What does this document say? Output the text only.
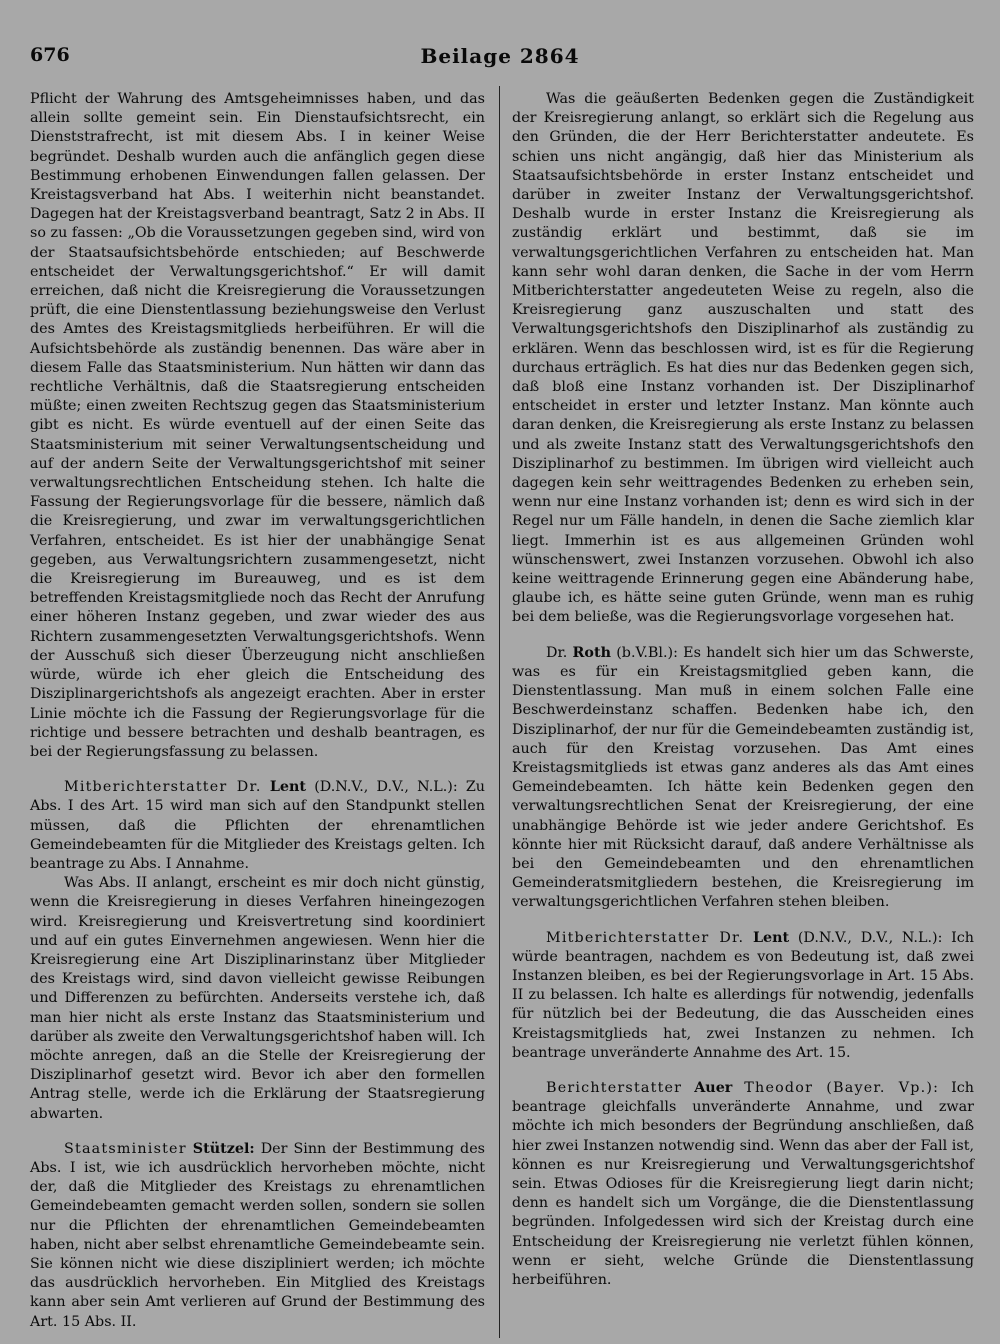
676	Beilage 2864

Pflicht der Wahrung des Amtsgeheimnisses haben, und das allein sollte gemeint sein. Ein Dienstaufsichtsrecht, ein Dienststrafrecht, ist mit diesem Abs. I in keiner Weise begründet. Deshalb wurden auch die anfänglich gegen diese Bestimmung erhobenen Einwendungen fallen gelassen. Der Kreistagsverband hat Abs. I weiterhin nicht beanstandet. Dagegen hat der Kreistagsverband beantragt, Satz 2 in Abs. II so zu fassen: „Ob die Voraussetzungen gegeben sind, wird von der Staatsaufsichtsbehörde entschieden; auf Beschwerde entscheidet der Verwaltungsgerichtshof.“ Er will damit erreichen, daß nicht die Kreisregierung die Voraussetzungen prüft, die eine Dienstentlassung beziehungsweise den Verlust des Amtes des Kreistagsmitglieds herbeiführen. Er will die Aufsichtsbehörde als zuständig benennen. Das wäre aber in diesem Falle das Staatsministerium. Nun hätten wir dann das rechtliche Verhältnis, daß die Staatsregierung entscheiden müßte; einen zweiten Rechtszug gegen das Staatsministerium gibt es nicht. Es würde eventuell auf der einen Seite das Staatsministerium mit seiner Verwaltungsentscheidung und auf der andern Seite der Verwaltungsgerichtshof mit seiner verwaltungsrechtlichen Entscheidung stehen. Ich halte die Fassung der Regierungsvorlage für die bessere, nämlich daß die Kreisregierung, und zwar im verwaltungsgerichtlichen Verfahren, entscheidet. Es ist hier der unabhängige Senat gegeben, aus Verwaltungsrichtern zusammengesetzt, nicht die Kreisregierung im Bureauweg, und es ist dem betreffenden Kreistagsmitgliede noch das Recht der Anrufung einer höheren Instanz gegeben, und zwar wieder des aus Richtern zusammengesetzten Verwaltungsgerichtshofs. Wenn der Ausschuß sich dieser Überzeugung nicht anschließen würde, würde ich eher gleich die Entscheidung des Disziplinargerichtshofs als angezeigt erachten. Aber in erster Linie möchte ich die Fassung der Regierungsvorlage für die richtige und bessere betrachten und deshalb beantragen, es bei der Regierungsfassung zu belassen.

Mitberichterstatter Dr. Lent (D.N.V., D.V., N.L.): Zu Abs. I des Art. 15 wird man sich auf den Standpunkt stellen müssen, daß die Pflichten der ehrenamtlichen Gemeindebeamten für die Mitglieder des Kreistags gelten. Ich beantrage zu Abs. I Annahme.

Was Abs. II anlangt, erscheint es mir doch nicht günstig, wenn die Kreisregierung in dieses Verfahren hineingezogen wird. Kreisregierung und Kreisvertretung sind koordiniert und auf ein gutes Einvernehmen angewiesen. Wenn hier die Kreisregierung eine Art Disziplinarinstanz über Mitglieder des Kreistags wird, sind davon vielleicht gewisse Reibungen und Differenzen zu befürchten. Anderseits verstehe ich, daß man hier nicht als erste Instanz das Staatsministerium und darüber als zweite den Verwaltungsgerichtshof haben will. Ich möchte anregen, daß an die Stelle der Kreisregierung der Disziplinarhof gesetzt wird. Bevor ich aber den formellen Antrag stelle, werde ich die Erklärung der Staatsregierung abwarten.

Staatsminister Stützel: Der Sinn der Bestimmung des Abs. I ist, wie ich ausdrücklich hervorheben möchte, nicht der, daß die Mitglieder des Kreistags zu ehrenamtlichen Gemeindebeamten gemacht werden sollen, sondern sie sollen nur die Pflichten der ehrenamtlichen Gemeindebeamten haben, nicht aber selbst ehrenamtliche Gemeindebeamte sein. Sie können nicht wie diese diszipliniert werden; ich möchte das ausdrücklich hervorheben. Ein Mitglied des Kreistags kann aber sein Amt verlieren auf Grund der Bestimmung des Art. 15 Abs. II.

Was die geäußerten Bedenken gegen die Zuständigkeit der Kreisregierung anlangt, so erklärt sich die Regelung aus den Gründen, die der Herr Berichterstatter andeutete. Es schien uns nicht angängig, daß hier das Ministerium als Staatsaufsichtsbehörde in erster Instanz entscheidet und darüber in zweiter Instanz der Verwaltungsgerichtshof. Deshalb wurde in erster Instanz die Kreisregierung als zuständig erklärt und bestimmt, daß sie im verwaltungsgerichtlichen Verfahren zu entscheiden hat. Man kann sehr wohl daran denken, die Sache in der vom Herrn Mitberichterstatter angedeuteten Weise zu regeln, also die Kreisregierung ganz auszuschalten und statt des Verwaltungsgerichtshofs den Disziplinarhof als zuständig zu erklären. Wenn das beschlossen wird, ist es für die Regierung durchaus erträglich. Es hat dies nur das Bedenken gegen sich, daß bloß eine Instanz vorhanden ist. Der Disziplinarhof entscheidet in erster und letzter Instanz. Man könnte auch daran denken, die Kreisregierung als erste Instanz zu belassen und als zweite Instanz statt des Verwaltungsgerichtshofs den Disziplinarhof zu bestimmen. Im übrigen wird vielleicht auch dagegen kein sehr weittragendes Bedenken zu erheben sein, wenn nur eine Instanz vorhanden ist; denn es wird sich in der Regel nur um Fälle handeln, in denen die Sache ziemlich klar liegt. Immerhin ist es aus allgemeinen Gründen wohl wünschenswert, zwei Instanzen vorzusehen. Obwohl ich also keine weittragende Erinnerung gegen eine Abänderung habe, glaube ich, es hätte seine guten Gründe, wenn man es ruhig bei dem beließe, was die Regierungsvorlage vorgesehen hat.

Dr. Roth (b.V.Bl.): Es handelt sich hier um das Schwerste, was es für ein Kreistagsmitglied geben kann, die Dienstentlassung. Man muß in einem solchen Falle eine Beschwerdeinstanz schaffen. Bedenken habe ich, den Disziplinarhof, der nur für die Gemeindebeamten zuständig ist, auch für den Kreistag vorzusehen. Das Amt eines Kreistagsmitglieds ist etwas ganz anderes als das Amt eines Gemeindebeamten. Ich hätte kein Bedenken gegen den verwaltungsrechtlichen Senat der Kreisregierung, der eine unabhängige Behörde ist wie jeder andere Gerichtshof. Es könnte hier mit Rücksicht darauf, daß andere Verhältnisse als bei den Gemeindebeamten und den ehrenamtlichen Gemeinderatsmitgliedern bestehen, die Kreisregierung im verwaltungsgerichtlichen Verfahren stehen bleiben.

Mitberichterstatter Dr. Lent (D.N.V., D.V., N.L.): Ich würde beantragen, nachdem es von Bedeutung ist, daß zwei Instanzen bleiben, es bei der Regierungsvorlage in Art. 15 Abs. II zu belassen. Ich halte es allerdings für notwendig, jedenfalls für nützlich bei der Bedeutung, die das Ausscheiden eines Kreistagsmitglieds hat, zwei Instanzen zu nehmen. Ich beantrage unveränderte Annahme des Art. 15.

Berichterstatter Auer Theodor (Bayer. Vp.): Ich beantrage gleichfalls unveränderte Annahme, und zwar möchte ich mich besonders der Begründung anschließen, daß hier zwei Instanzen notwendig sind. Wenn das aber der Fall ist, können es nur Kreisregierung und Verwaltungsgerichtshof sein. Etwas Odioses für die Kreisregierung liegt darin nicht; denn es handelt sich um Vorgänge, die die Dienstentlassung begründen. Infolgedessen wird sich der Kreistag durch eine Entscheidung der Kreisregierung nie verletzt fühlen können, wenn er sieht, welche Gründe die Dienstentlassung herbeiführen.
